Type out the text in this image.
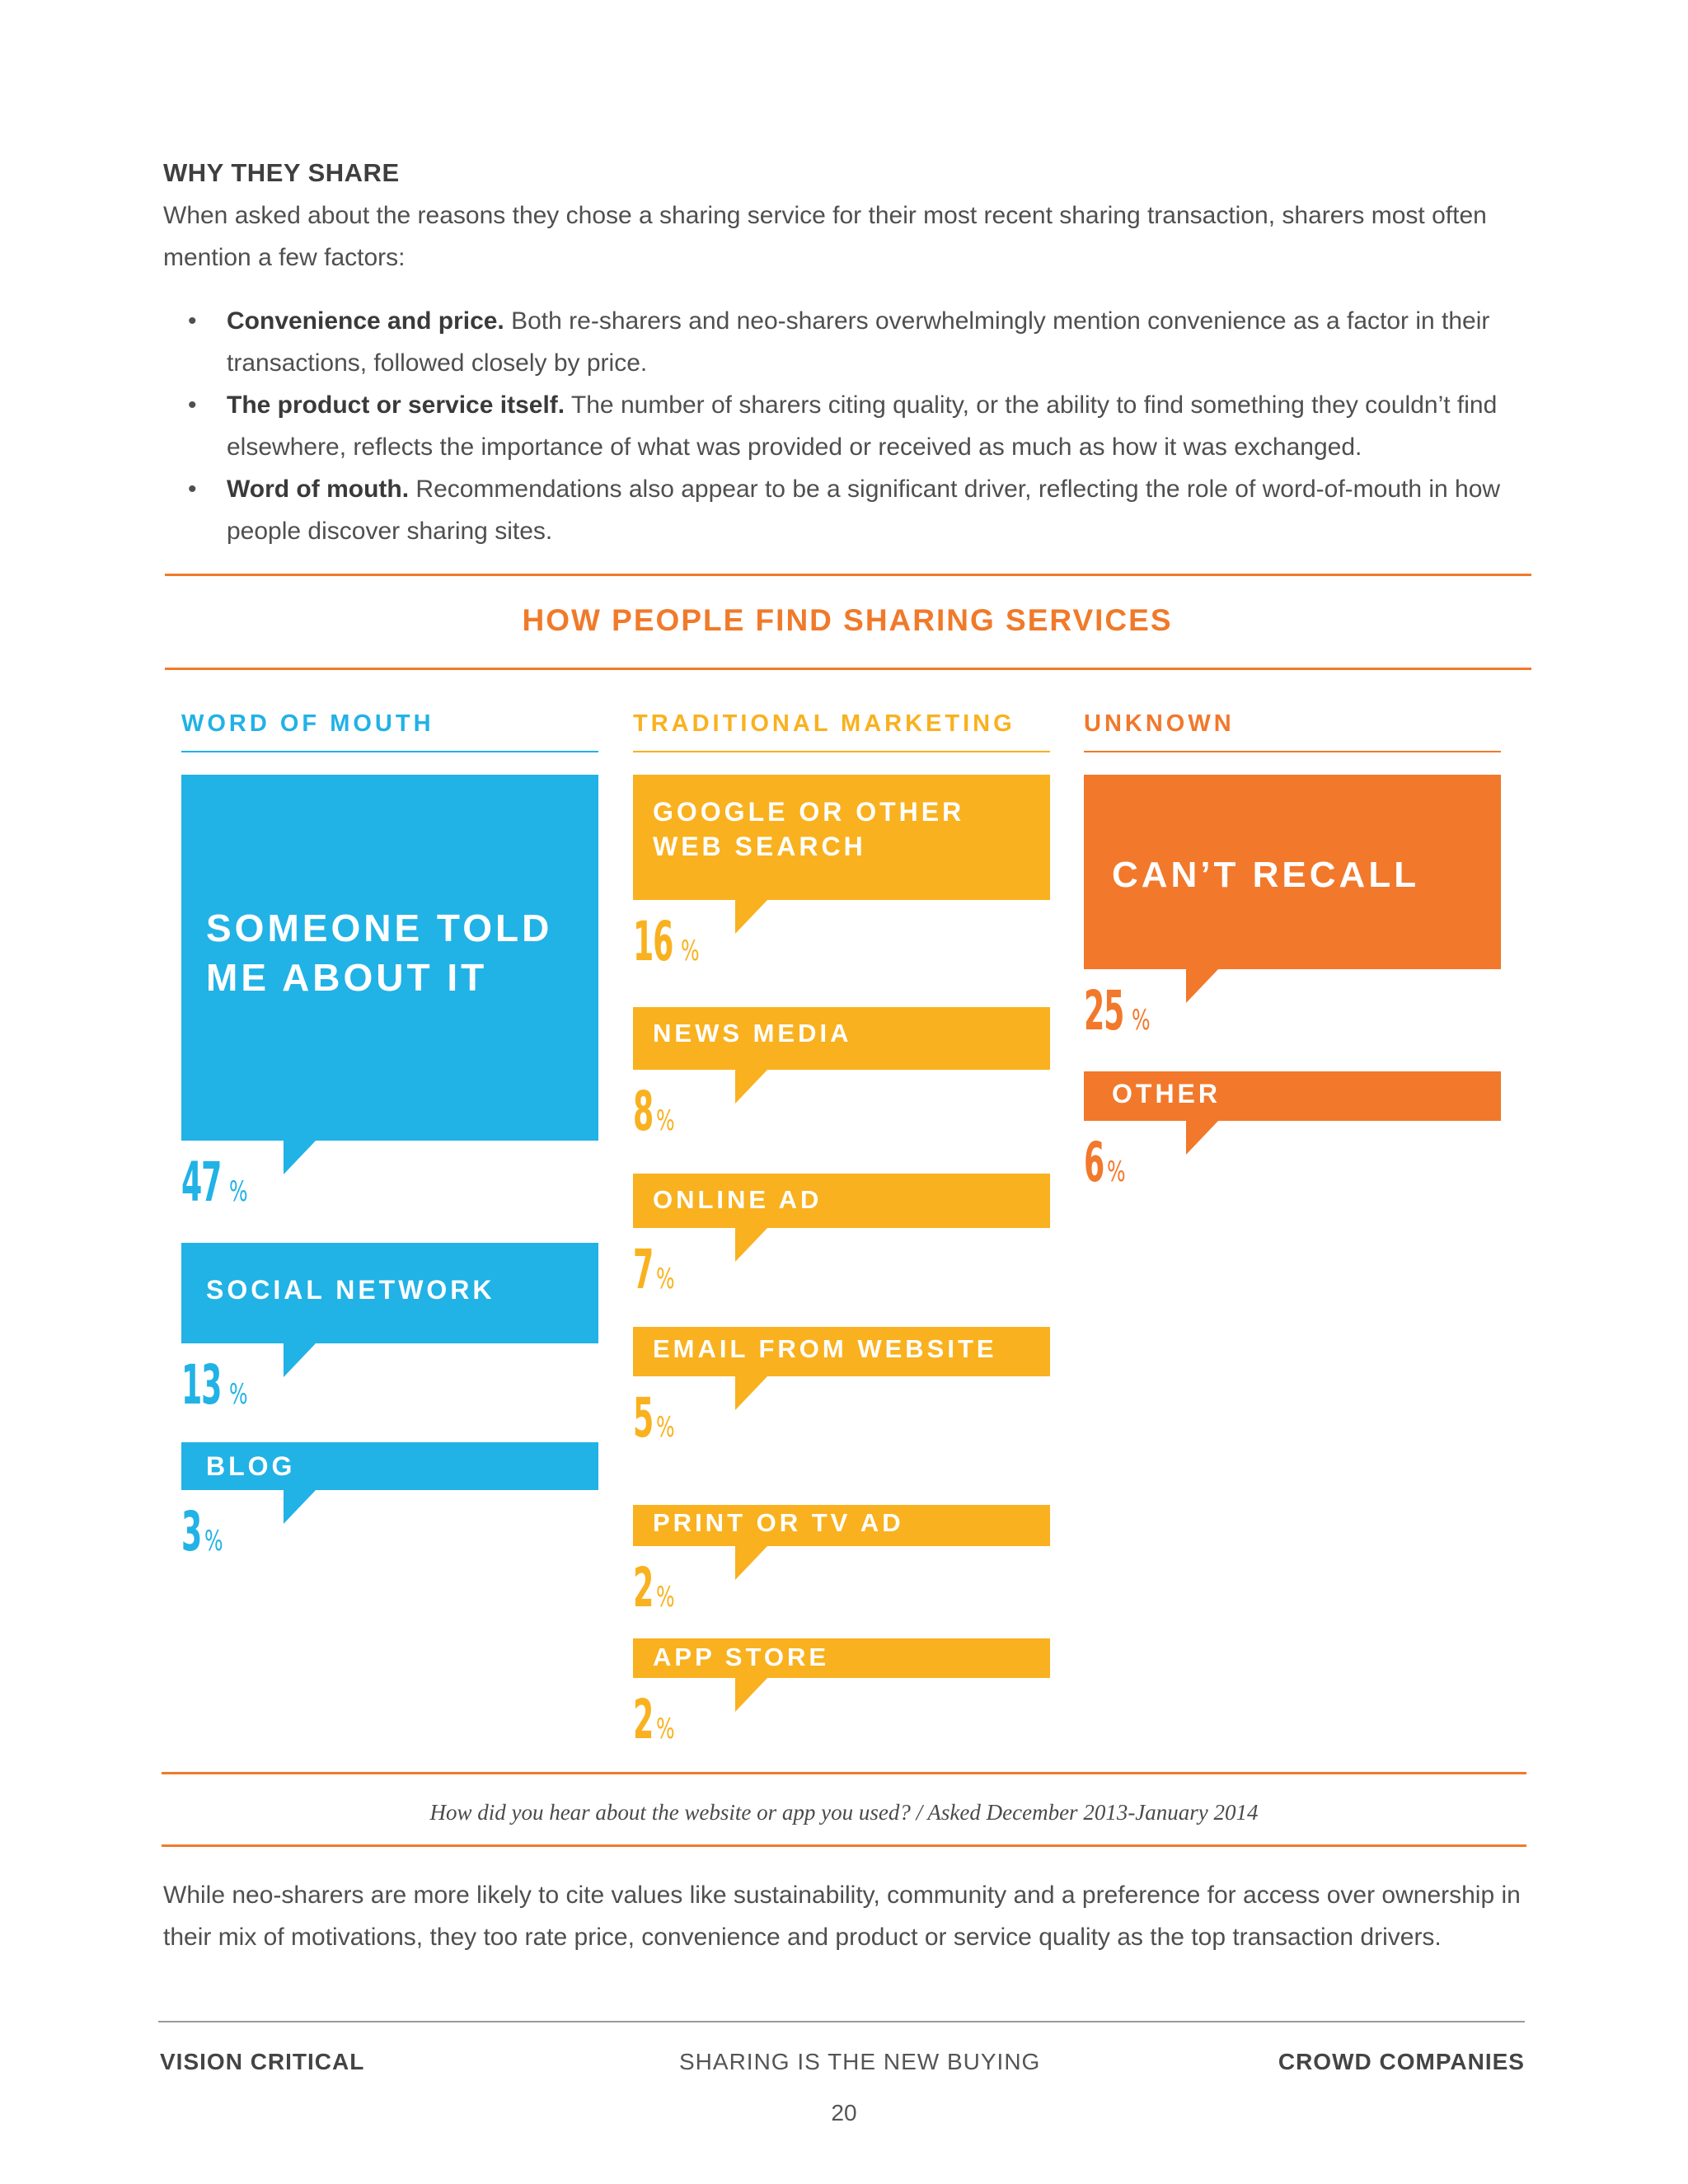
WHY THEY SHARE
When asked about the reasons they chose a sharing service for their most recent sharing transaction, sharers most often mention a few factors:
• Convenience and price. Both re-sharers and neo-sharers overwhelmingly mention convenience as a factor in their transactions, followed closely by price.
• The product or service itself. The number of sharers citing quality, or the ability to find something they couldn’t find elsewhere, reflects the importance of what was provided or received as much as how it was exchanged.
• Word of mouth. Recommendations also appear to be a significant driver, reflecting the role of word-of-mouth in how people discover sharing sites.
HOW PEOPLE FIND SHARING SERVICES
WORD OF MOUTH	TRADITIONAL MARKETING	UNKNOWN
SOMEONE TOLD ME ABOUT IT
47 %
SOCIAL NETWORK
13 %
BLOG
3 %
GOOGLE OR OTHER WEB SEARCH
16 %
NEWS MEDIA
8 %
ONLINE AD
7 %
EMAIL FROM WEBSITE
5 %
PRINT OR TV AD
2 %
APP STORE
2 %
CAN’T RECALL
25 %
OTHER
6 %
How did you hear about the website or app you used? / Asked December 2013-January 2014
While neo-sharers are more likely to cite values like sustainability, community and a preference for access over ownership in their mix of motivations, they too rate price, convenience and product or service quality as the top transaction drivers.
VISION CRITICAL	SHARING IS THE NEW BUYING	CROWD COMPANIES
20
